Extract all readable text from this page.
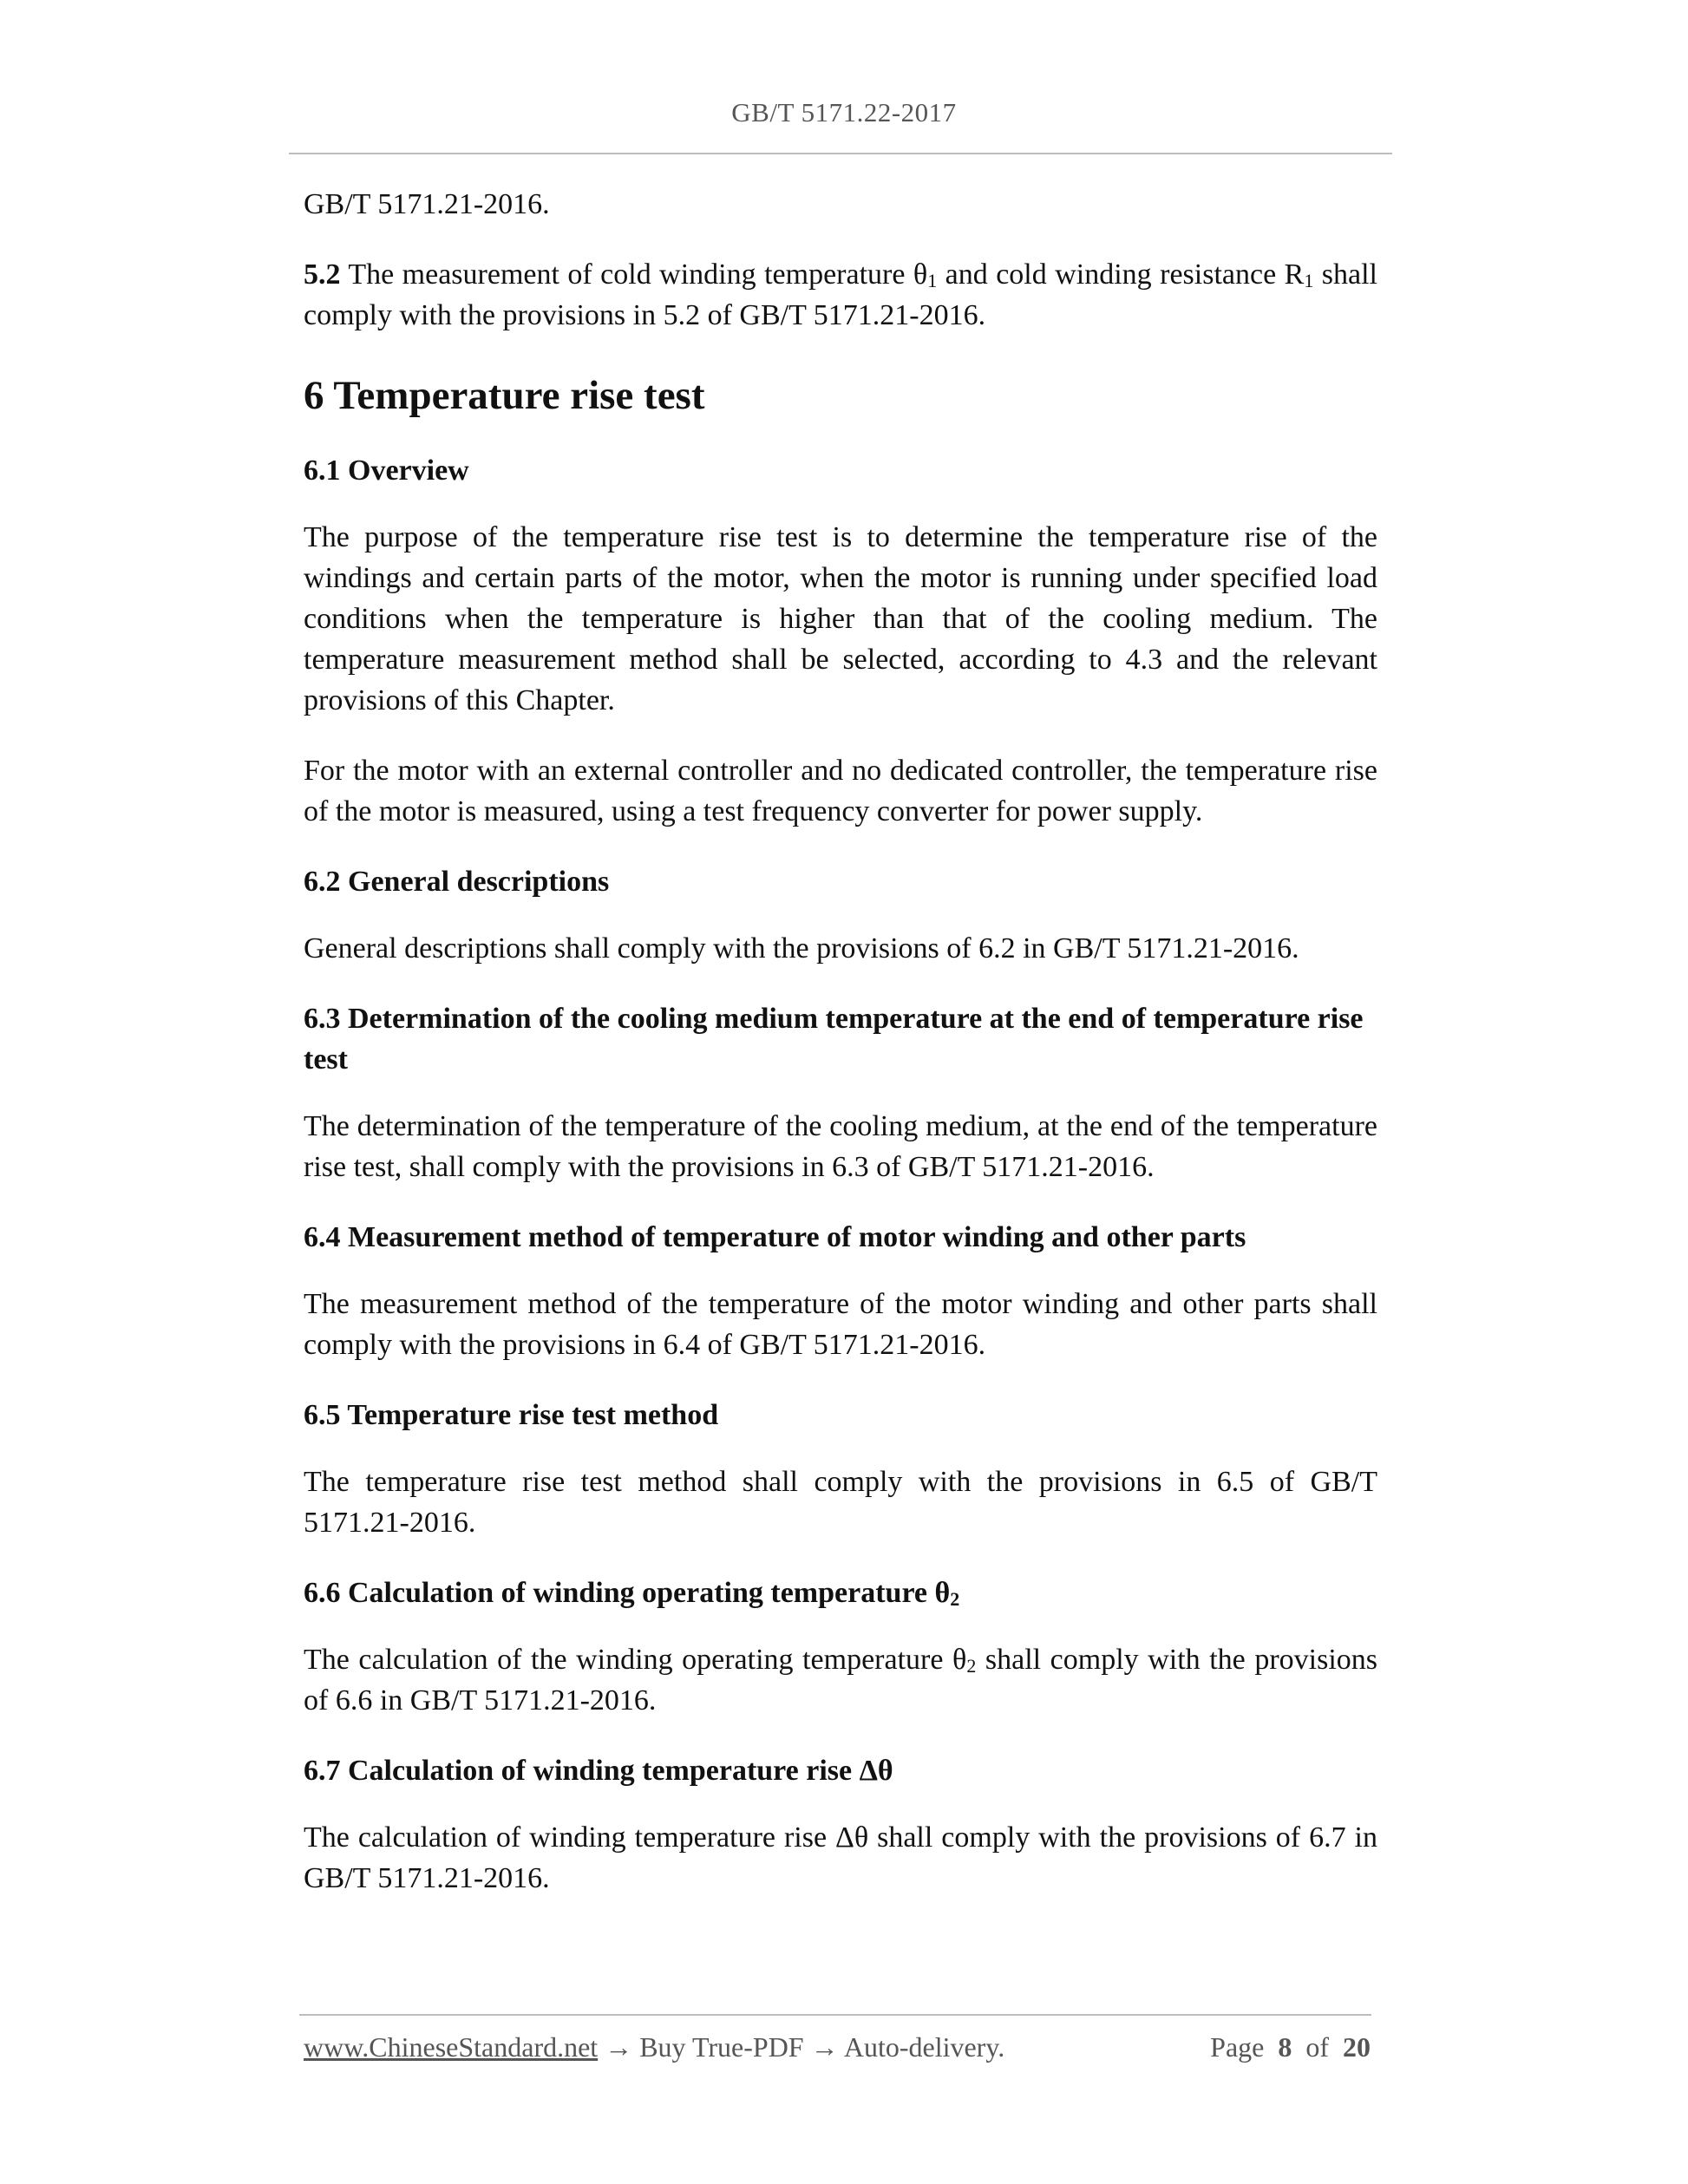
GB/T 5171.22-2017

GB/T 5171.21-2016.

5.2 The measurement of cold winding temperature $\theta_1$ and cold winding resistance $R_1$ shall comply with the provisions in 5.2 of GB/T 5171.21-2016.

6 Temperature rise test
6.1 Overview

The purpose of the temperature rise test is to determine the temperature rise of the windings and certain parts of the motor, when the motor is running under specified load conditions when the temperature is higher than that of the cooling medium. The temperature measurement method shall be selected, according to 4.3 and the relevant provisions of this Chapter.

For the motor with an external controller and no dedicated controller, the temperature rise of the motor is measured, using a test frequency converter for power supply.

6.2 General descriptions

General descriptions shall comply with the provisions of 6.2 in GB/T 5171.21-2016.

6.3 Determination of the cooling medium temperature at the end of temperature rise test

The determination of the temperature of the cooling medium, at the end of the temperature rise test, shall comply with the provisions in 6.3 of GB/T 5171.21-2016.

6.4 Measurement method of temperature of motor winding and other parts

The measurement method of the temperature of the motor winding and other parts shall comply with the provisions in 6.4 of GB/T 5171.21-2016.

6.5 Temperature rise test method

The temperature rise test method shall comply with the provisions in 6.5 of GB/T 5171.21-2016.

6.6 Calculation of winding operating temperature $\theta_2$

The calculation of the winding operating temperature $\theta_2$ shall comply with the provisions of 6.6 in GB/T 5171.21-2016.

6.7 Calculation of winding temperature rise Δθ

The calculation of winding temperature rise Δθ shall comply with the provisions of 6.7 in GB/T 5171.21-2016.

www.ChineseStandard.net → Buy True-PDF → Auto-delivery.	Page 8 of 20
